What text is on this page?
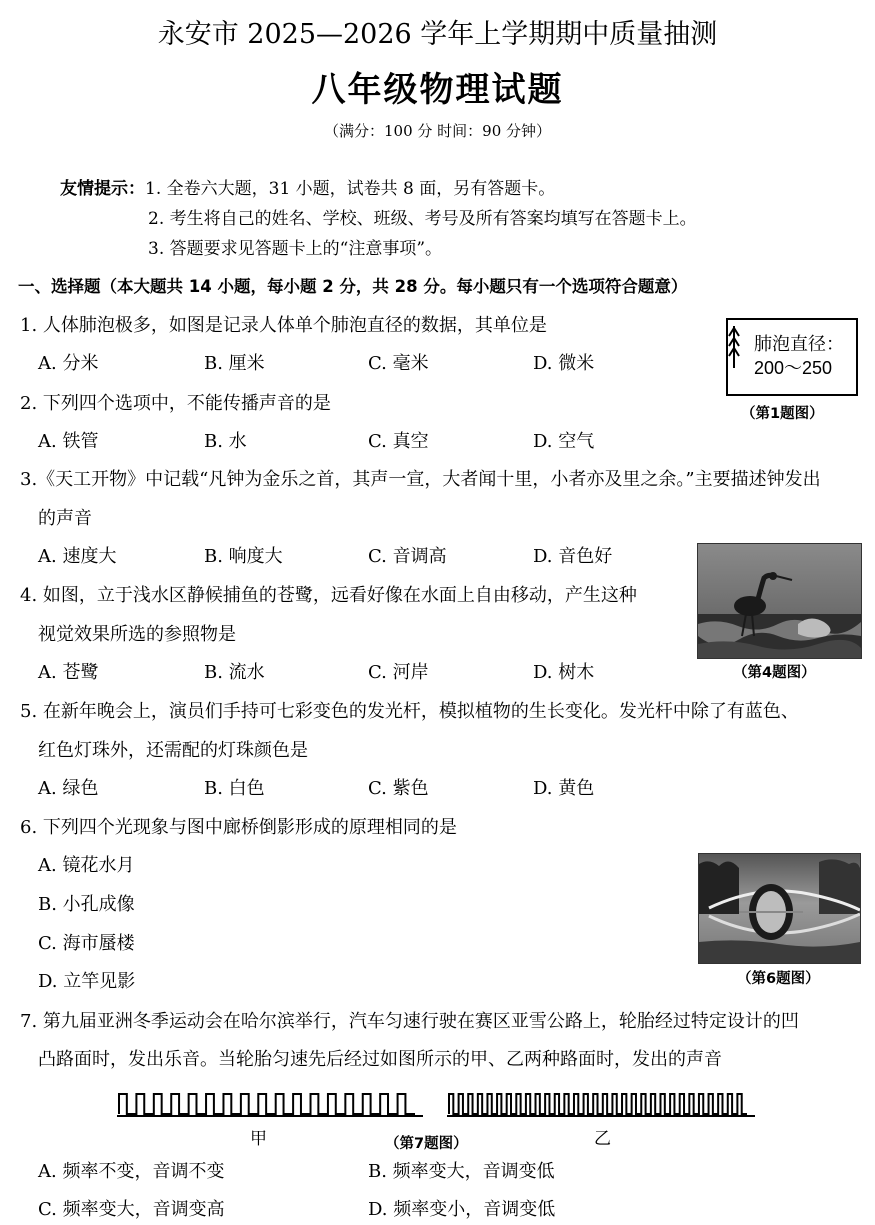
永安市 2025—2026 学年上学期期中质量抽测
八年级物理试题
（满分：100 分 时间：90 分钟）
友情提示：1. 全卷六大题，31 小题，试卷共 8 面，另有答题卡。
2. 考生将自己的姓名、学校、班级、考号及所有答案均填写在答题卡上。
3. 答题要求见答题卡上的“注意事项”。
一、选择题（本大题共 14 小题，每小题 2 分，共 28 分。每小题只有一个选项符合题意）
1. 人体肺泡极多，如图是记录人体单个肺泡直径的数据，其单位是
A. 分米	B. 厘米	C. 毫米	D. 微米
肺泡直径：
200～250
（第1题图）
2. 下列四个选项中，不能传播声音的是
A. 铁管	B. 水	C. 真空	D. 空气
3.《天工开物》中记载“凡钟为金乐之首，其声一宣，大者闻十里，小者亦及里之余。”主要描述钟发出
的声音
A. 速度大	B. 响度大	C. 音调高	D. 音色好
（第4题图）
4. 如图，立于浅水区静候捕鱼的苍鹭，远看好像在水面上自由移动，产生这种
视觉效果所选的参照物是
A. 苍鹭	B. 流水	C. 河岸	D. 树木
5. 在新年晚会上，演员们手持可七彩变色的发光杆，模拟植物的生长变化。发光杆中除了有蓝色、
红色灯珠外，还需配的灯珠颜色是
A. 绿色	B. 白色	C. 紫色	D. 黄色
6. 下列四个光现象与图中廊桥倒影形成的原理相同的是
A. 镜花水月
B. 小孔成像
C. 海市蜃楼
D. 立竿见影	（第6题图）
7. 第九届亚洲冬季运动会在哈尔滨举行，汽车匀速行驶在赛区亚雪公路上，轮胎经过特定设计的凹
凸路面时，发出乐音。当轮胎匀速先后经过如图所示的甲、乙两种路面时，发出的声音
甲	（第7题图）	乙
A. 频率不变，音调不变	B. 频率变大，音调变低
C. 频率变大，音调变高	D. 频率变小，音调变低
